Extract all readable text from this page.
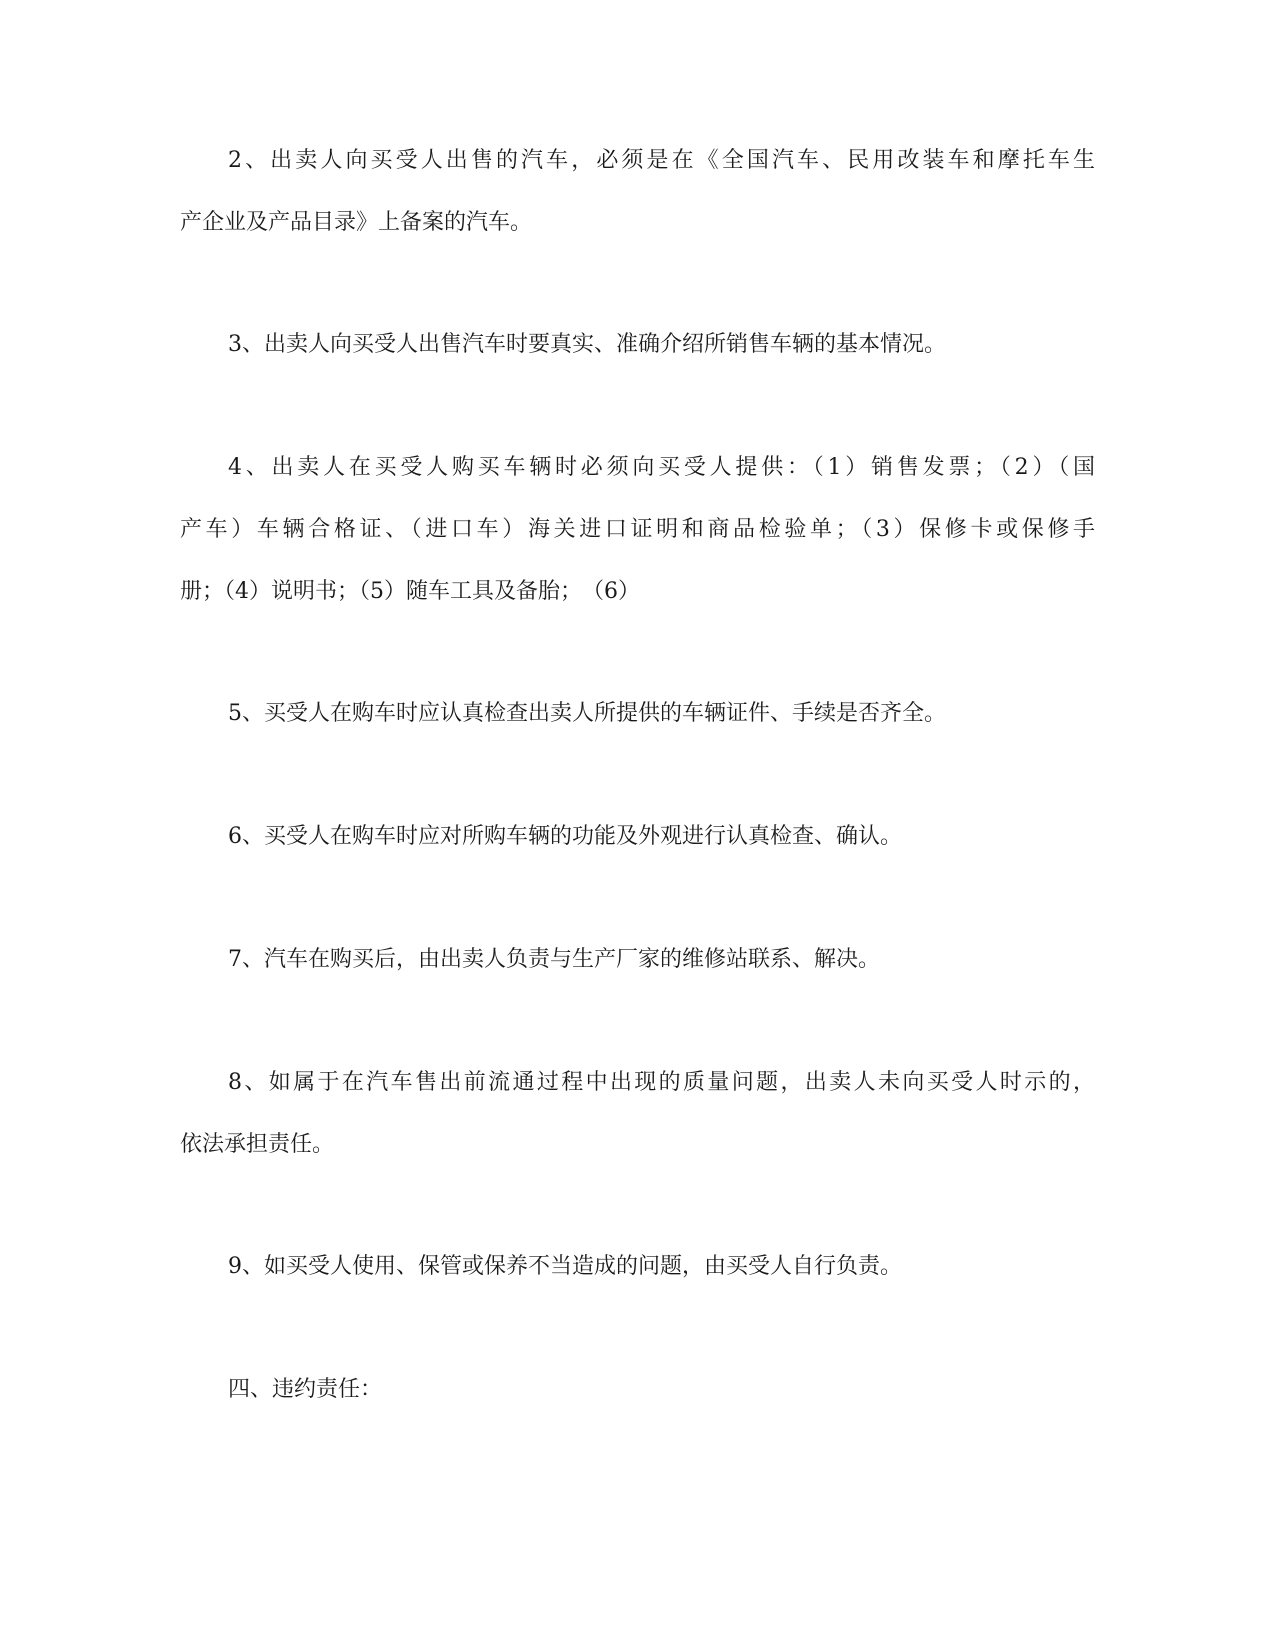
2、出卖人向买受人出售的汽车，必须是在《全国汽车、民用改装车和摩托车生
产企业及产品目录》上备案的汽车。

3、出卖人向买受人出售汽车时要真实、准确介绍所销售车辆的基本情况。

4、出卖人在买受人购买车辆时必须向买受人提供：（1）销售发票；（2）（国
产车）车辆合格证、（进口车）海关进口证明和商品检验单；（3）保修卡或保修手
册；（4）说明书；（5）随车工具及备胎；　（6）

5、买受人在购车时应认真检查出卖人所提供的车辆证件、手续是否齐全。

6、买受人在购车时应对所购车辆的功能及外观进行认真检查、确认。

7、汽车在购买后，由出卖人负责与生产厂家的维修站联系、解决。

8、如属于在汽车售出前流通过程中出现的质量问题，出卖人未向买受人时示的，
依法承担责任。

9、如买受人使用、保管或保养不当造成的问题，由买受人自行负责。

四、违约责任：
